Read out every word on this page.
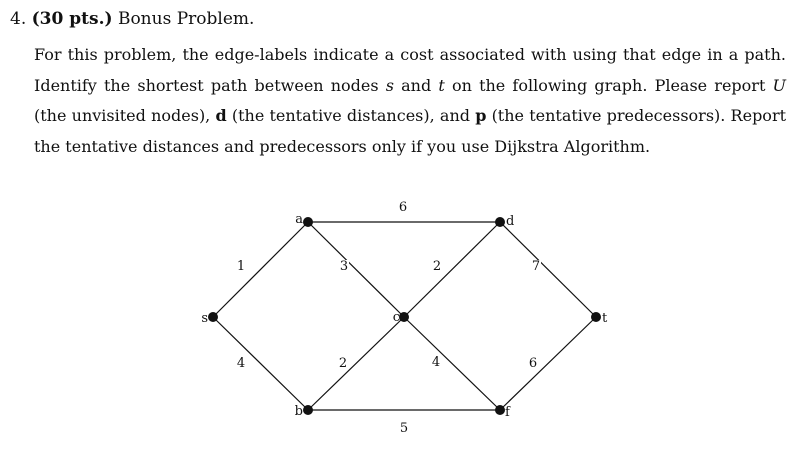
4. (30 pts.) Bonus Problem.

For this problem, the edge-labels indicate a cost associated with using that edge in a path. Identify the shortest path between nodes s and t on the following graph. Please report U (the unvisited nodes), d (the tentative distances), and p (the tentative predecessors). Report the tentative distances and predecessors only if you use Dijkstra Algorithm.

1
4
6
3
2
5
2
4
7
6
s
a
b
c
d
f
t
